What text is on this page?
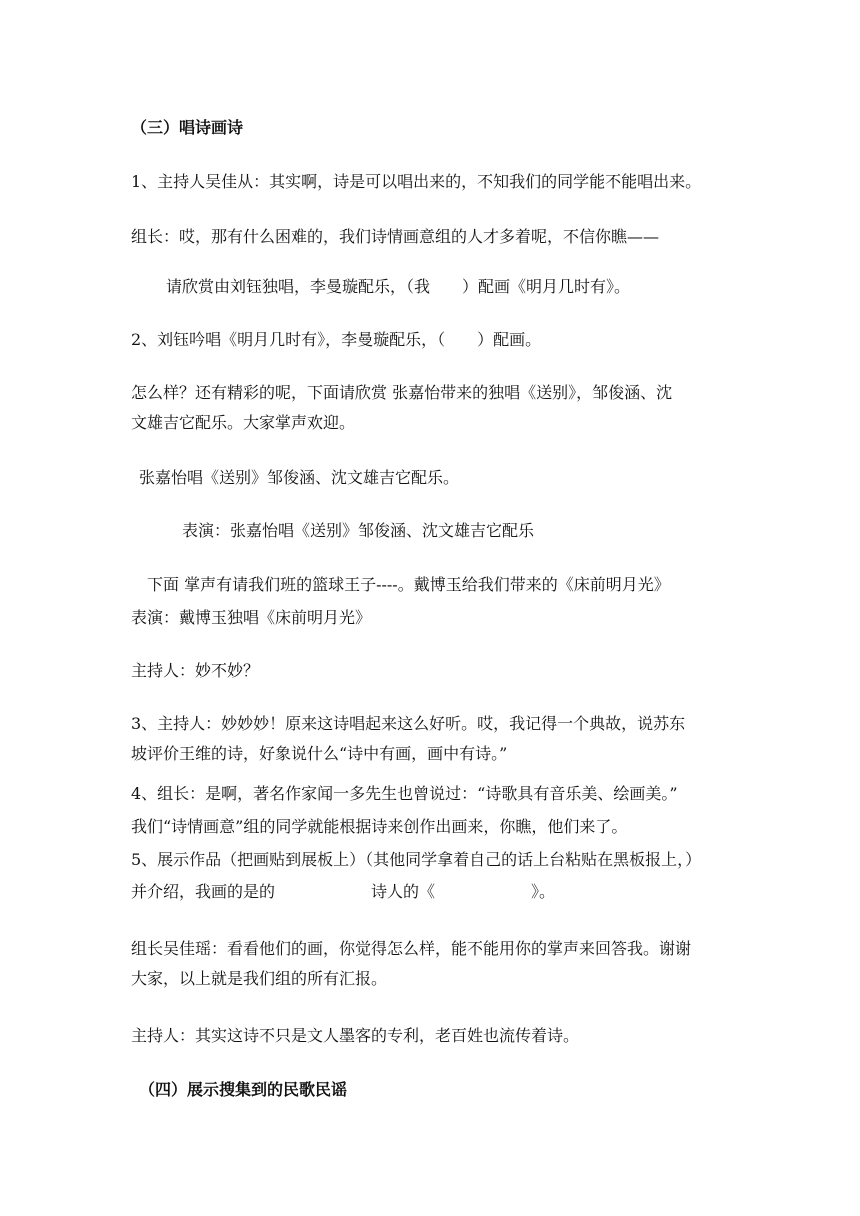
（三）唱诗画诗
1、主持人吴佳从：其实啊，诗是可以唱出来的，不知我们的同学能不能唱出来。
组长：哎，那有什么困难的，我们诗情画意组的人才多着呢，不信你瞧——
请欣赏由刘钰独唱，李曼璇配乐，（我　　）配画《明月几时有》。
2、刘钰吟唱《明月几时有》，李曼璇配乐，（　　）配画。
怎么样？还有精彩的呢，下面请欣赏 张嘉怡带来的独唱《送别》，邹俊涵、沈
文雄吉它配乐。大家掌声欢迎。
张嘉怡唱《送别》邹俊涵、沈文雄吉它配乐。
表演：张嘉怡唱《送别》邹俊涵、沈文雄吉它配乐
下面 掌声有请我们班的篮球王子----。戴博玉给我们带来的《床前明月光》
表演：戴博玉独唱《床前明月光》
主持人：妙不妙？
3、主持人：妙妙妙！原来这诗唱起来这么好听。哎，我记得一个典故，说苏东
坡评价王维的诗，好象说什么“诗中有画，画中有诗。”
4、组长：是啊，著名作家闻一多先生也曾说过：“诗歌具有音乐美、绘画美。”
我们“诗情画意”组的同学就能根据诗来创作出画来，你瞧，他们来了。
5、展示作品（把画贴到展板上）（其他同学拿着自己的话上台粘贴在黑板报上，）
并介绍，我画的是的　　　　　　诗人的《　　　　　　》。
组长吴佳瑶：看看他们的画，你觉得怎么样，能不能用你的掌声来回答我。谢谢
大家，以上就是我们组的所有汇报。
主持人：其实这诗不只是文人墨客的专利，老百姓也流传着诗。
（四）展示搜集到的民歌民谣
